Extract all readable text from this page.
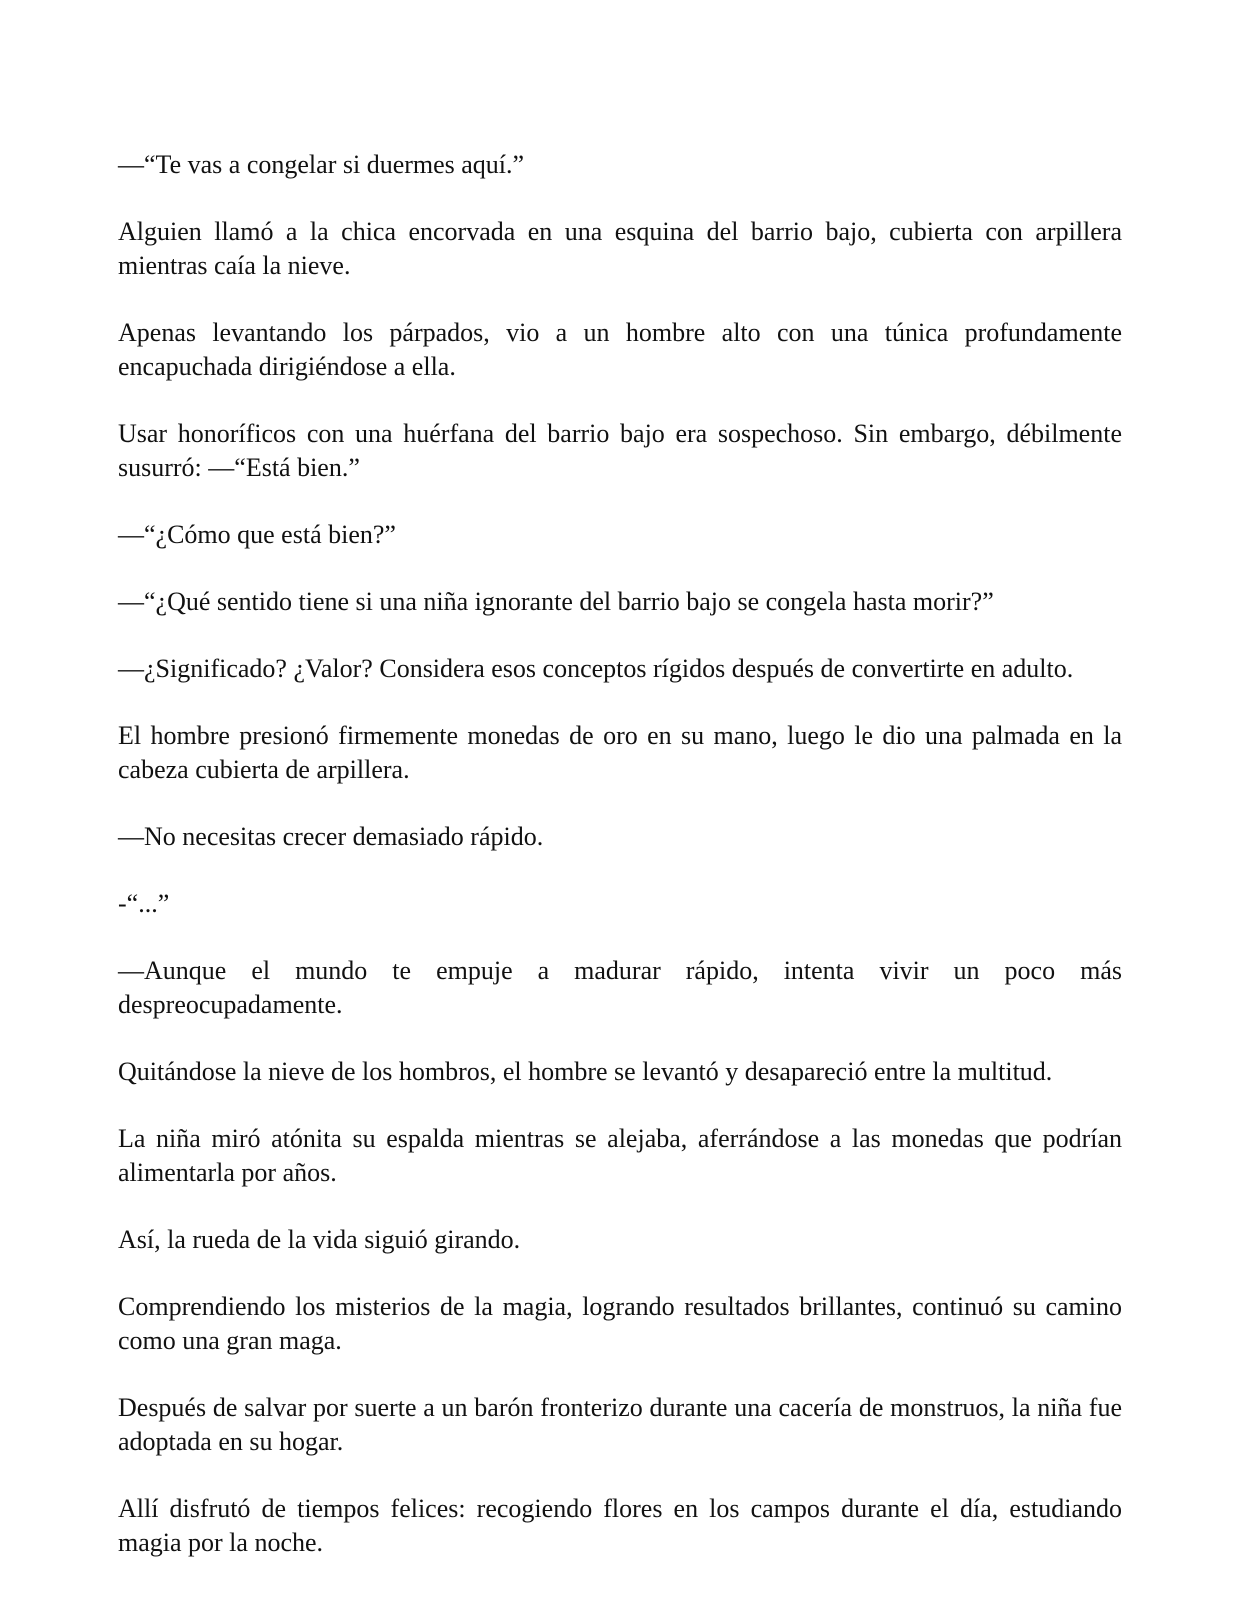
—“Te vas a congelar si duermes aquí.”

Alguien llamó a la chica encorvada en una esquina del barrio bajo, cubierta con arpillera mientras caía la nieve.

Apenas levantando los párpados, vio a un hombre alto con una túnica profundamente encapuchada dirigiéndose a ella.

Usar honoríficos con una huérfana del barrio bajo era sospechoso. Sin embargo, débilmente susurró: —“Está bien.”

—“¿Cómo que está bien?”

—“¿Qué sentido tiene si una niña ignorante del barrio bajo se congela hasta morir?”

—¿Significado? ¿Valor? Considera esos conceptos rígidos después de convertirte en adulto.

El hombre presionó firmemente monedas de oro en su mano, luego le dio una palmada en la cabeza cubierta de arpillera.

—No necesitas crecer demasiado rápido.

-“...”

—Aunque el mundo te empuje a madurar rápido, intenta vivir un poco más despreocupadamente.

Quitándose la nieve de los hombros, el hombre se levantó y desapareció entre la multitud.

La niña miró atónita su espalda mientras se alejaba, aferrándose a las monedas que podrían alimentarla por años.

Así, la rueda de la vida siguió girando.

Comprendiendo los misterios de la magia, logrando resultados brillantes, continuó su camino como una gran maga.

Después de salvar por suerte a un barón fronterizo durante una cacería de monstruos, la niña fue adoptada en su hogar.

Allí disfrutó de tiempos felices: recogiendo flores en los campos durante el día, estudiando magia por la noche.
